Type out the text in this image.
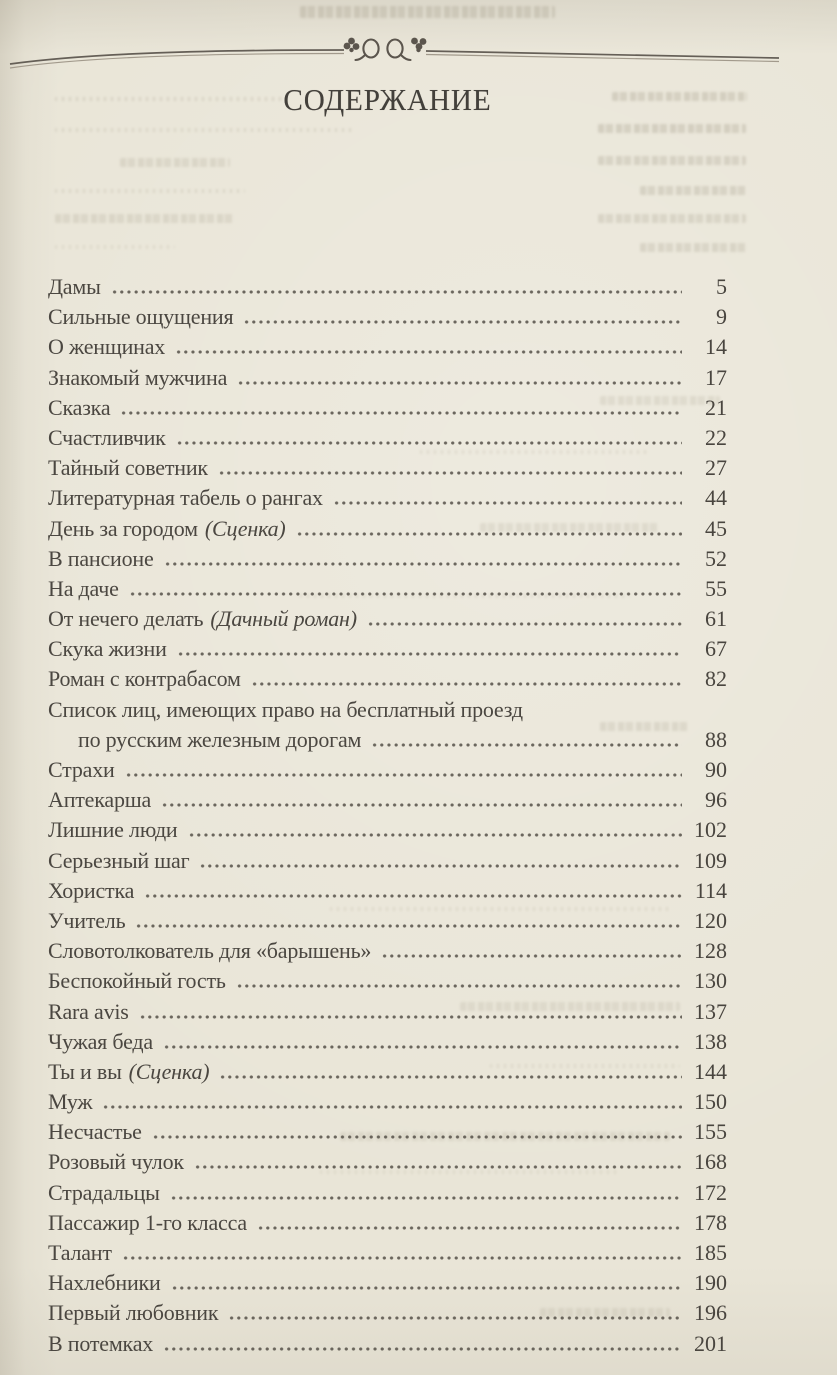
СОДЕРЖАНИЕ
Дамы	5
Сильные ощущения	9
О женщинах	14
Знакомый мужчина	17
Сказка	21
Счастливчик	22
Тайный советник	27
Литературная табель о рангах	44
День за городом (Сценка)	45
В пансионе	52
На даче	55
От нечего делать (Дачный роман)	61
Скука жизни	67
Роман с контрабасом	82
Список лиц, имеющих право на бесплатный проезд
по русским железным дорогам	88
Страхи	90
Аптекарша	96
Лишние люди	102
Серьезный шаг	109
Хористка	114
Учитель	120
Словотолкователь для «барышень»	128
Беспокойный гость	130
Rara avis	137
Чужая беда	138
Ты и вы (Сценка)	144
Муж	150
Несчастье	155
Розовый чулок	168
Страдальцы	172
Пассажир 1-го класса	178
Талант	185
Нахлебники	190
Первый любовник	196
В потемках	201
